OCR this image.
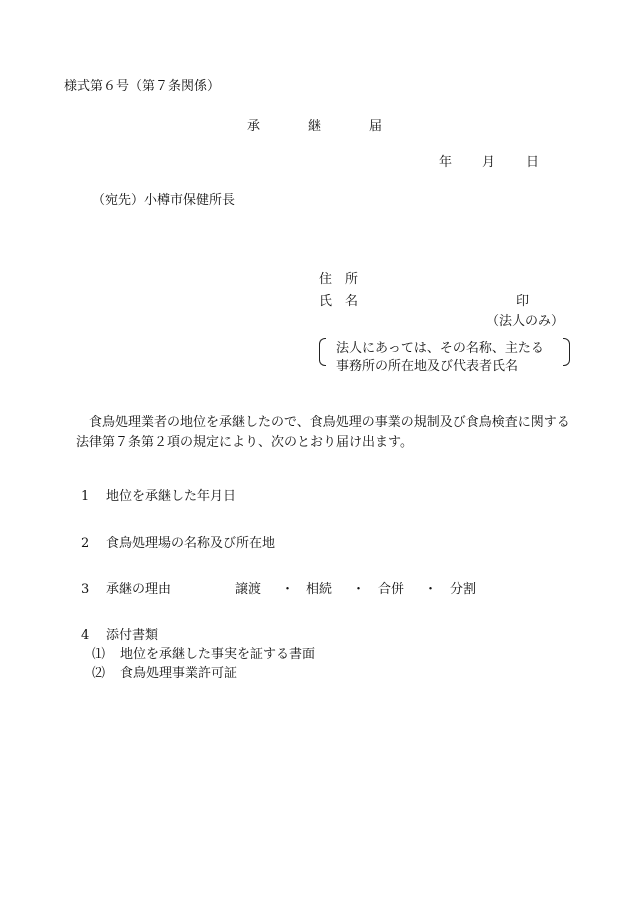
様式第６号（第７条関係）
承	継	届
年 月 日
（宛先）小樽市保健所長
住　所
氏　名	印
（法人のみ）
法人にあっては、その名称、主たる
事務所の所在地及び代表者氏名
食鳥処理業者の地位を承継したので、食鳥処理の事業の規制及び食鳥検査に関する法律第７条第２項の規定により、次のとおり届け出ます。
1 地位を承継した年月日
2 食鳥処理場の名称及び所在地
3 承継の理由	譲渡 ・ 相続 ・ 合併 ・ 分割
4 添付書類
⑴ 地位を承継した事実を証する書面
⑵ 食鳥処理事業許可証
